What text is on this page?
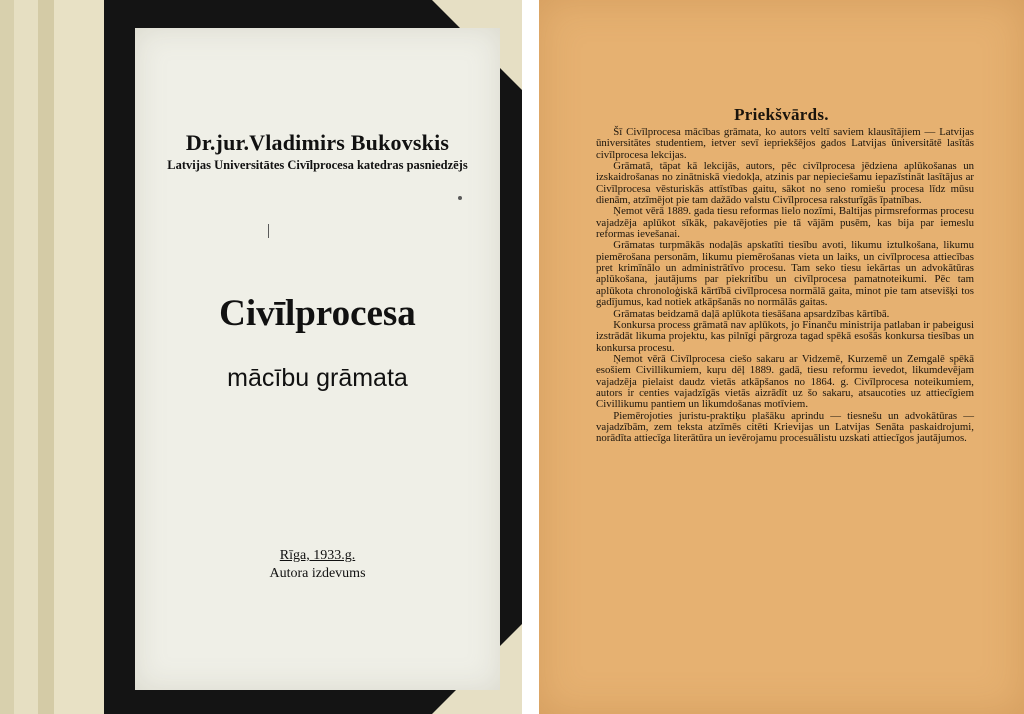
Dr.jur.Vladimirs Bukovskis
Latvijas Universitātes Civīlprocesa katedras pasniedzējs
Civīlprocesa
mācību grāmata
Rīga, 1933.g.
Autora izdevums
Priekšvārds.

Šī Civīlprocesa mācības grāmata, ko autors veltī saviem klausītājiem — Latvijas ūniversitātes studentiem, ietver sevī iepriekšējos gados Latvijas ūniversitātē lasītās civīlprocesa lekcijas.

Grāmatā, tāpat kā lekcijās, autors, pēc civīlprocesa jēdziena aplūkošanas un izskaidrošanas no zinātniskā viedokļa, atzinis par nepieciešamu iepazīstināt lasītājus ar Civīlprocesa vēsturiskās attīstības gaitu, sākot no seno romiešu procesa līdz mūsu dienām, atzīmējot pie tam dažādo valstu Civīlprocesa raksturīgās īpatnības.

Ņemot vērā 1889. gada tiesu reformas lielo nozīmi, Baltijas pirmsreformas procesu vajadzēja aplūkot sīkāk, pakavējoties pie tā vājām pusēm, kas bija par iemeslu reformas ievešanai.

Grāmatas turpmākās nodaļās apskatīti tiesību avoti, likumu iztulkošana, likumu piemērošana personām, likumu piemērošanas vieta un laiks, un civīlprocesa attiecības pret krimīnālo un administrātīvo procesu. Tam seko tiesu iekārtas un advokātūras aplūkošana, jautājums par piekritību un civīlprocesa pamatnoteikumi. Pēc tam aplūkota chronoloģiskā kārtībā civīlprocesa normālā gaita, minot pie tam atsevišķi tos gadījumus, kad notiek atkāpšanās no normālās gaitas.

Grāmatas beidzamā daļā aplūkota tiesāšana apsardzības kārtībā.

Konkursa process grāmatā nav aplūkots, jo Finanču ministrija patlaban ir pabeigusi izstrādāt likuma projektu, kas pilnīgi pārgroza tagad spēkā esošās konkursa tiesības un konkursa procesu.

Ņemot vērā Civīlprocesa ciešo sakaru ar Vidzemē, Kurzemē un Zemgalē spēkā esošiem Civillikumiem, kuŗu dēļ 1889. gadā, tiesu reformu ievedot, likumdevējam vajadzēja pielaist daudz vietās atkāpšanos no 1864. g. Civīlprocesa noteikumiem, autors ir centies vajadzīgās vietās aizrādīt uz šo sakaru, atsaucoties uz attiecīgiem Civillikumu pantiem un likumdošanas motīviem.

Piemērojoties juristu-praktiķu plašāku aprindu — tiesnešu un advokātūras — vajadzībām, zem teksta atzīmēs citēti Krievijas un Latvijas Senāta paskaidrojumi, norādīta attiecīga literātūra un ievērojamu procesuālistu uzskati attiecīgos jautājumos.
